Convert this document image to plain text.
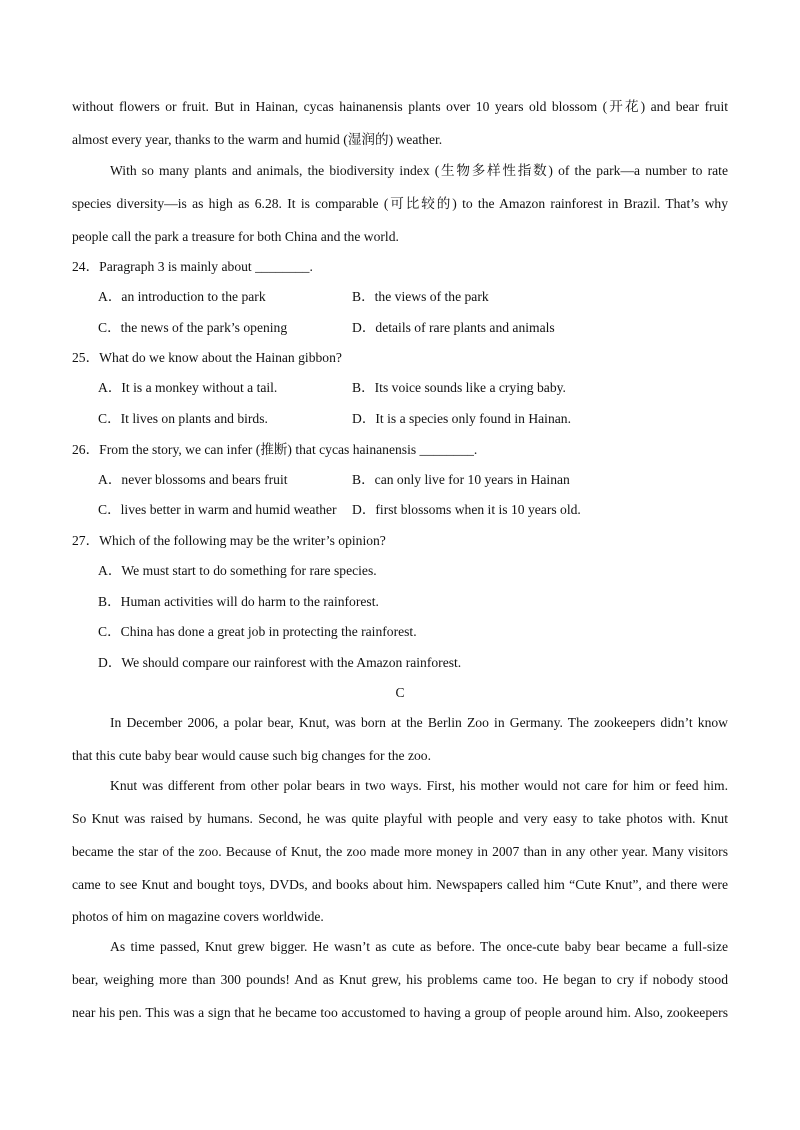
without flowers or fruit. But in Hainan, cycas hainanensis plants over 10 years old blossom (开花) and bear fruit
almost every year, thanks to the warm and humid (湿润的) weather.
With so many plants and animals, the biodiversity index (生物多样性指数) of the park—a number to rate
species diversity—is as high as 6.28. It is comparable (可比较的) to the Amazon rainforest in Brazil. That’s why
people call the park a treasure for both China and the world.
24．Paragraph 3 is mainly about ________.
A．an introduction to the park	B．the views of the park
C．the news of the park’s opening	D．details of rare plants and animals
25．What do we know about the Hainan gibbon?
A．It is a monkey without a tail.	B．Its voice sounds like a crying baby.
C．It lives on plants and birds.	D．It is a species only found in Hainan.
26．From the story, we can infer (推断) that cycas hainanensis ________.
A．never blossoms and bears fruit	B．can only live for 10 years in Hainan
C．lives better in warm and humid weather D．first blossoms when it is 10 years old.
27．Which of the following may be the writer’s opinion?
A．We must start to do something for rare species.
B．Human activities will do harm to the rainforest.
C．China has done a great job in protecting the rainforest.
D．We should compare our rainforest with the Amazon rainforest.
C
In December 2006, a polar bear, Knut, was born at the Berlin Zoo in Germany. The zookeepers didn’t know
that this cute baby bear would cause such big changes for the zoo.
Knut was different from other polar bears in two ways. First, his mother would not care for him or feed him.
So Knut was raised by humans. Second, he was quite playful with people and very easy to take photos with. Knut
became the star of the zoo. Because of Knut, the zoo made more money in 2007 than in any other year. Many visitors
came to see Knut and bought toys, DVDs, and books about him. Newspapers called him “Cute Knut”, and there were
photos of him on magazine covers worldwide.
As time passed, Knut grew bigger. He wasn’t as cute as before. The once-cute baby bear became a full-size
bear, weighing more than 300 pounds! And as Knut grew, his problems came too. He began to cry if nobody stood
near his pen. This was a sign that he became too accustomed to having a group of people around him. Also, zookeepers
